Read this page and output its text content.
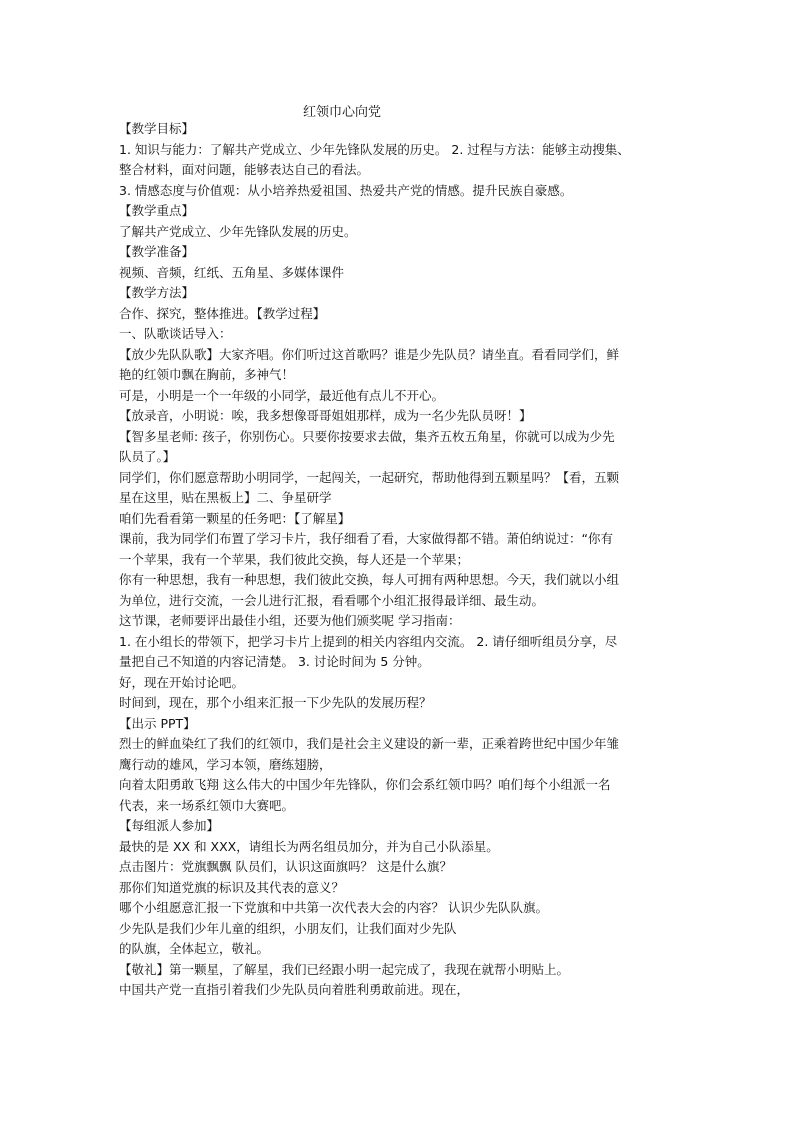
红领巾心向党
【教学目标】
1. 知识与能力：了解共产党成立、少年先锋队发展的历史。 2. 过程与方法：能够主动搜集、
整合材料，面对问题，能够表达自己的看法。
3. 情感态度与价值观：从小培养热爱祖国、热爱共产党的情感。提升民族自豪感。
【教学重点】
了解共产党成立、少年先锋队发展的历史。
【教学准备】
视频、音频，红纸、五角星、多媒体课件
【教学方法】
合作、探究，整体推进。【教学过程】
一、队歌谈话导入：
【放少先队队歌】大家齐唱。你们听过这首歌吗？谁是少先队员？请坐直。看看同学们，鲜
艳的红领巾飘在胸前，多神气！
可是，小明是一个一年级的小同学，最近他有点儿不开心。
【放录音，小明说：唉，我多想像哥哥姐姐那样，成为一名少先队员呀！】
【智多星老师: 孩子，你别伤心。只要你按要求去做，集齐五枚五角星，你就可以成为少先
队员了。】
同学们，你们愿意帮助小明同学，一起闯关，一起研究，帮助他得到五颗星吗？【看，五颗
星在这里，贴在黑板上】二、争星研学
咱们先看看第一颗星的任务吧：【了解星】
课前，我为同学们布置了学习卡片，我仔细看了看，大家做得都不错。萧伯纳说过：“你有
一个苹果，我有一个苹果，我们彼此交换，每人还是一个苹果；
你有一种思想，我有一种思想，我们彼此交换，每人可拥有两种思想。今天，我们就以小组
为单位，进行交流，一会儿进行汇报，看看哪个小组汇报得最详细、最生动。
这节课，老师要评出最佳小组，还要为他们颁奖呢 学习指南：
1. 在小组长的带领下，把学习卡片上提到的相关内容组内交流。 2. 请仔细听组员分享，尽
量把自己不知道的内容记清楚。 3. 讨论时间为 5 分钟。
好，现在开始讨论吧。
时间到，现在，那个小组来汇报一下少先队的发展历程？
【出示 PPT】
烈士的鲜血染红了我们的红领巾，我们是社会主义建设的新一辈，正乘着跨世纪中国少年雏
鹰行动的雄风，学习本领，磨练翅膀，
向着太阳勇敢飞翔 这么伟大的中国少年先锋队，你们会系红领巾吗？咱们每个小组派一名
代表，来一场系红领巾大赛吧。
【每组派人参加】
最快的是 XX 和 XXX，请组长为两名组员加分，并为自己小队添星。
点击图片：党旗飘飘 队员们，认识这面旗吗？ 这是什么旗？
那你们知道党旗的标识及其代表的意义？
哪个小组愿意汇报一下党旗和中共第一次代表大会的内容？ 认识少先队队旗。
少先队是我们少年儿童的组织，小朋友们，让我们面对少先队
的队旗，全体起立，敬礼。
【敬礼】第一颗星，了解星，我们已经跟小明一起完成了，我现在就帮小明贴上。
中国共产党一直指引着我们少先队员向着胜利勇敢前进。现在，
